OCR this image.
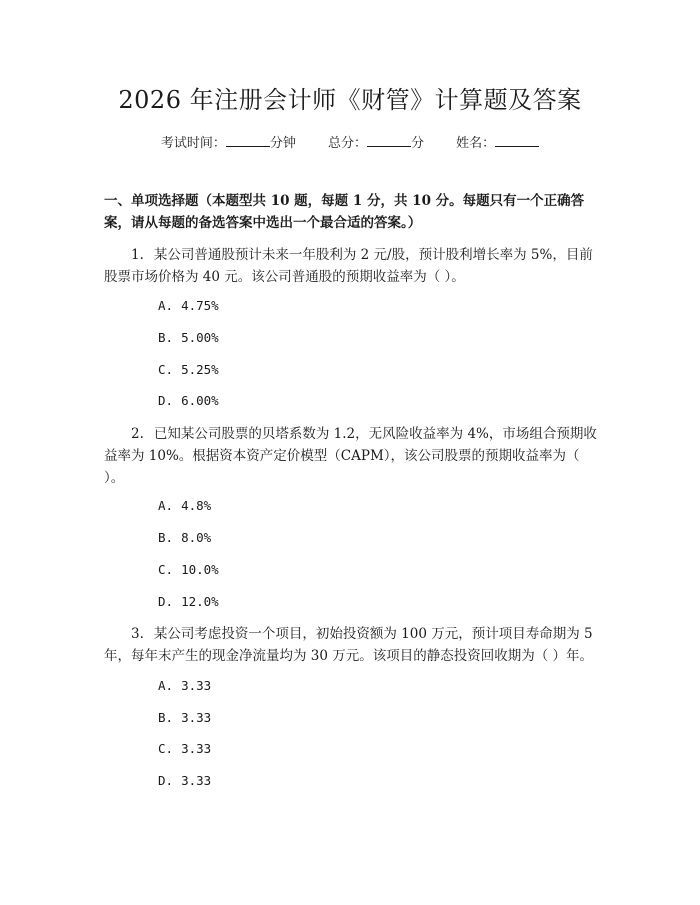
2026 年注册会计师《财管》计算题及答案
考试时间：	分钟 总分：	分 姓名：
一、单项选择题（本题型共 10 题，每题 1 分，共 10 分。每题只有一个正确答案，请从每题的备选答案中选出一个最合适的答案。）
1. 某公司普通股预计未来一年股利为 2 元/股，预计股利增长率为 5%，目前股票市场价格为 40 元。该公司普通股的预期收益率为（ ）。
A. 4.75%
B. 5.00%
C. 5.25%
D. 6.00%
2. 已知某公司股票的贝塔系数为 1.2，无风险收益率为 4%，市场组合预期收益率为 10%。根据资本资产定价模型（CAPM），该公司股票的预期收益率为（ ）。
A. 4.8%
B. 8.0%
C. 10.0%
D. 12.0%
3. 某公司考虑投资一个项目，初始投资额为 100 万元，预计项目寿命期为 5 年，每年末产生的现金净流量均为 30 万元。该项目的静态投资回收期为（ ）年。
A. 3.33
B. 3.33
C. 3.33
D. 3.33
